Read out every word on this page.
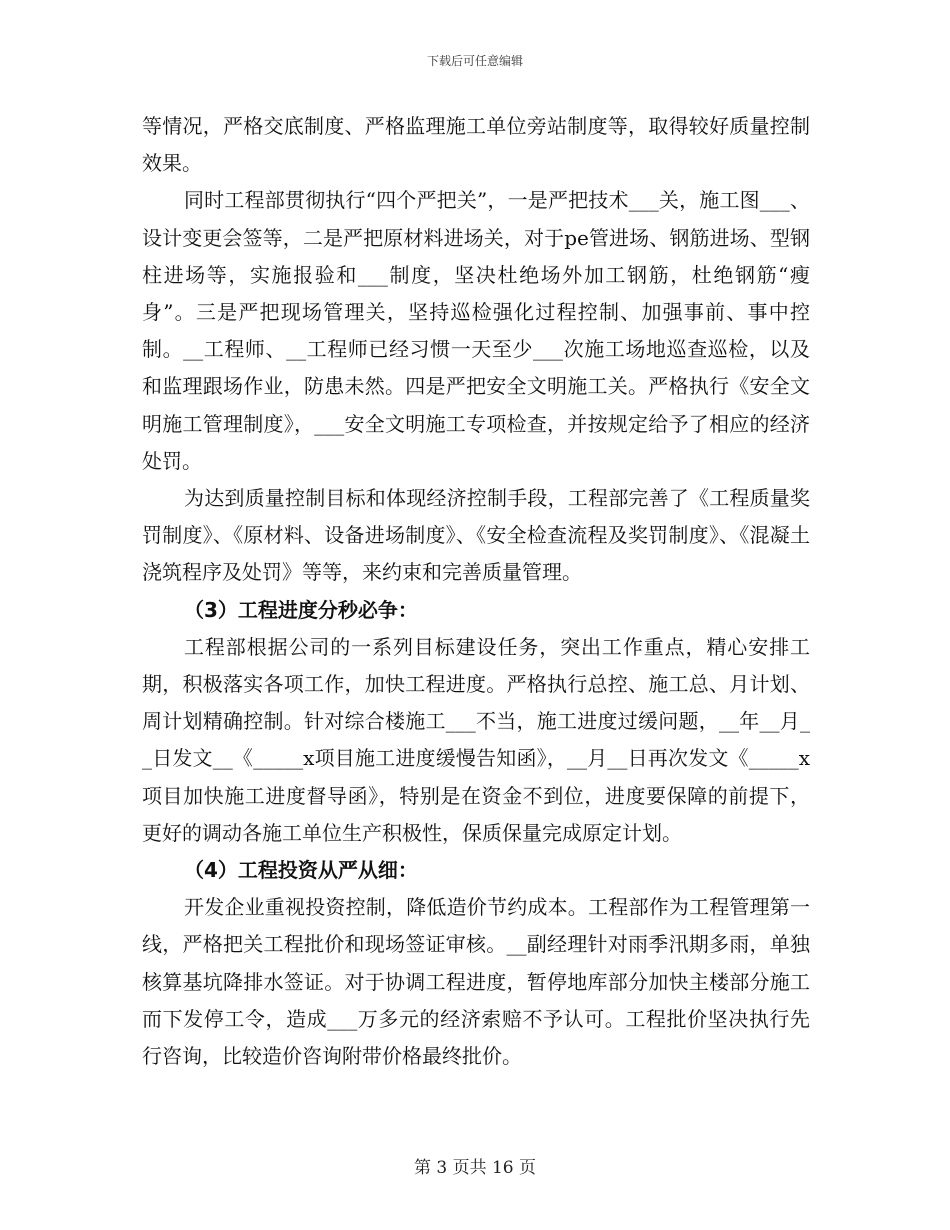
下载后可任意编辑

等情况，严格交底制度、严格监理施工单位旁站制度等，取得较好质量控制效果。

同时工程部贯彻执行“四个严把关”，一是严把技术___关，施工图___、设计变更会签等，二是严把原材料进场关，对于pe管进场、钢筋进场、型钢柱进场等，实施报验和___制度，坚决杜绝场外加工钢筋，杜绝钢筋“瘦身”。三是严把现场管理关，坚持巡检强化过程控制、加强事前、事中控制。__工程师、__工程师已经习惯一天至少___次施工场地巡查巡检，以及和监理跟场作业，防患未然。四是严把安全文明施工关。严格执行《安全文明施工管理制度》，___安全文明施工专项检查，并按规定给予了相应的经济处罚。

为达到质量控制目标和体现经济控制手段，工程部完善了《工程质量奖罚制度》、《原材料、设备进场制度》、《安全检查流程及奖罚制度》、《混凝土浇筑程序及处罚》等等，来约束和完善质量管理。

（3）工程进度分秒必争：

工程部根据公司的一系列目标建设任务，突出工作重点，精心安排工期，积极落实各项工作，加快工程进度。严格执行总控、施工总、月计划、周计划精确控制。针对综合楼施工___不当，施工进度过缓问题，__年__月__日发文__《_____x项目施工进度缓慢告知函》，__月__日再次发文《_____x项目加快施工进度督导函》，特别是在资金不到位，进度要保障的前提下，更好的调动各施工单位生产积极性，保质保量完成原定计划。

（4）工程投资从严从细：

开发企业重视投资控制，降低造价节约成本。工程部作为工程管理第一线，严格把关工程批价和现场签证审核。__副经理针对雨季汛期多雨，单独核算基坑降排水签证。对于协调工程进度，暂停地库部分加快主楼部分施工而下发停工令，造成___万多元的经济索赔不予认可。工程批价坚决执行先行咨询，比较造价咨询附带价格最终批价。

第 3 页共 16 页
